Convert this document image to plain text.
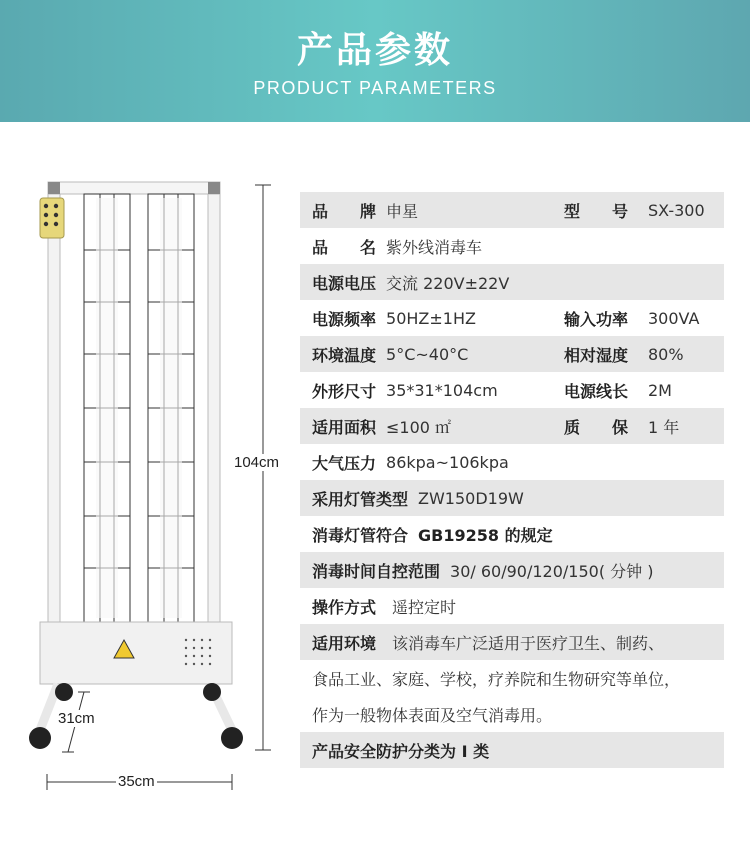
产品参数
PRODUCT PARAMETERS
104cm
31cm
35cm
品　　牌 申星	型　　号 SX-300
品　　名 紫外线消毒车
电源电压 交流 220V±22V
电源频率 50HZ±1HZ	输入功率 300VA
环境温度 5°C~40°C	相对湿度 80%
外形尺寸 35*31*104cm	电源线长 2M
适用面积 ≤100 ㎡	质　　保 1 年
大气压力 86kpa~106kpa
采用灯管类型 ZW150D19W
消毒灯管符合 GB19258 的规定
消毒时间自控范围 30/ 60/90/120/150( 分钟 )
操作方式 遥控定时
适用环境 该消毒车广泛适用于医疗卫生、制药、
食品工业、家庭、学校，疗养院和生物研究等单位，
作为一般物体表面及空气消毒用。
产品安全防护分类为 Ⅰ 类
